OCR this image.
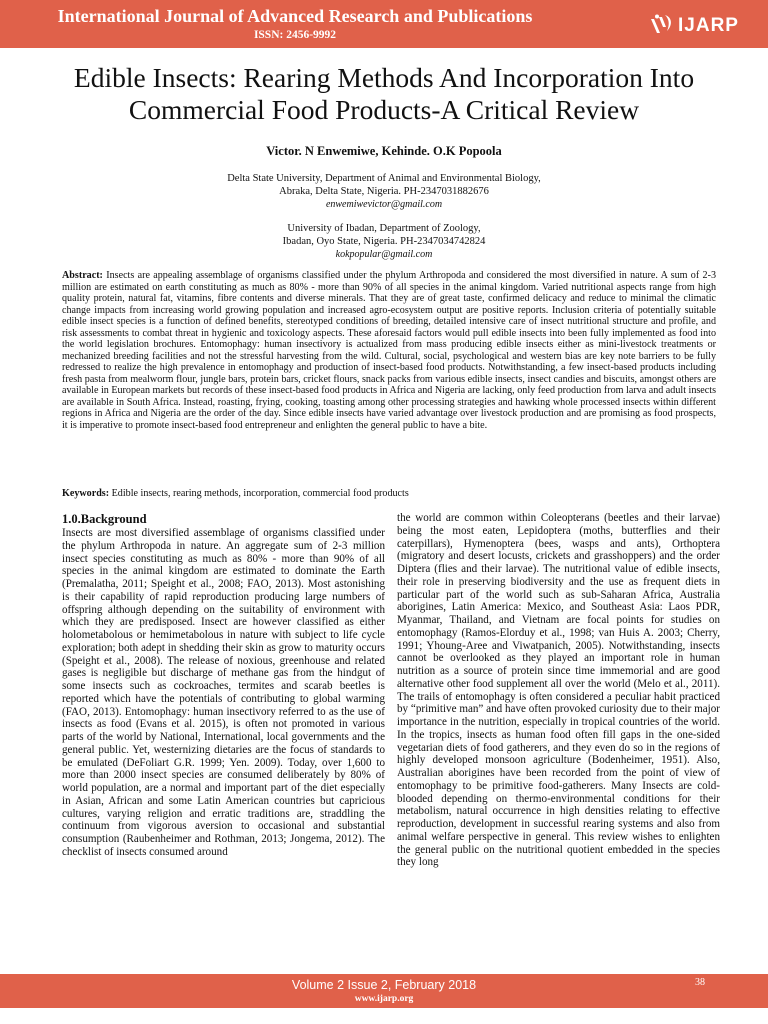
International Journal of Advanced Research and Publications
ISSN: 2456-9992	IJARP
Edible Insects: Rearing Methods And Incorporation Into Commercial Food Products-A Critical Review
Victor. N Enwemiwe, Kehinde. O.K Popoola
Delta State University, Department of Animal and Environmental Biology,
Abraka, Delta State, Nigeria. PH-2347031882676
enwemiwevictor@gmail.com
University of Ibadan, Department of Zoology,
Ibadan, Oyo State, Nigeria. PH-2347034742824
kokpopular@gmail.com
Abstract: Insects are appealing assemblage of organisms classified under the phylum Arthropoda and considered the most diversified in nature. A sum of 2-3 million are estimated on earth constituting as much as 80% - more than 90% of all species in the animal kingdom. Varied nutritional aspects range from high quality protein, natural fat, vitamins, fibre contents and diverse minerals. That they are of great taste, confirmed delicacy and reduce to minimal the climatic change impacts from increasing world growing population and increased agro-ecosystem output are positive reports. Inclusion criteria of potentially suitable edible insect species is a function of defined benefits, stereotyped conditions of breeding, detailed intensive care of insect nutritional structure and profile, and risk assessments to combat threat in hygienic and toxicology aspects. These aforesaid factors would pull edible insects into been fully implemented as food into the world legislation brochures. Entomophagy: human insectivory is actualized from mass producing edible insects either as mini-livestock treatments or mechanized breeding facilities and not the stressful harvesting from the wild. Cultural, social, psychological and western bias are key note barriers to be fully redressed to realize the high prevalence in entomophagy and production of insect-based food products. Notwithstanding, a few insect-based products including fresh pasta from mealworm flour, jungle bars, protein bars, cricket flours, snack packs from various edible insects, insect candies and biscuits, amongst others are available in European markets but records of these insect-based food products in Africa and Nigeria are lacking, only feed production from larva and adult insects are available in South Africa. Instead, roasting, frying, cooking, toasting among other processing strategies and hawking whole processed insects within different regions in Africa and Nigeria are the order of the day. Since edible insects have varied advantage over livestock production and are promising as food prospects, it is imperative to promote insect-based food entrepreneur and enlighten the general public to have a bite.
Keywords: Edible insects, rearing methods, incorporation, commercial food products
1.0.Background

Insects are most diversified assemblage of organisms classified under the phylum Arthropoda in nature. An aggregate sum of 2-3 million insect species constituting as much as 80% - more than 90% of all species in the animal kingdom are estimated to dominate the Earth (Premalatha, 2011; Speight et al., 2008; FAO, 2013). Most astonishing is their capability of rapid reproduction producing large numbers of offspring although depending on the suitability of environment with which they are predisposed. Insect are however classified as either holometabolous or hemimetabolous in nature with subject to life cycle exploration; both adept in shedding their skin as grow to maturity occurs (Speight et al., 2008). The release of noxious, greenhouse and related gases is negligible but discharge of methane gas from the hindgut of some insects such as cockroaches, termites and scarab beetles is reported which have the potentials of contributing to global warming (FAO, 2013). Entomophagy: human insectivory referred to as the use of insects as food (Evans et al. 2015), is often not promoted in various parts of the world by National, International, local governments and the general public. Yet, westernizing dietaries are the focus of standards to be emulated (DeFoliart G.R. 1999; Yen. 2009). Today, over 1,600 to more than 2000 insect species are consumed deliberately by 80% of world population, are a normal and important part of the diet especially in Asian, African and some Latin American countries but capricious cultures, varying religion and erratic traditions are, straddling the continuum from vigorous aversion to occasional and substantial consumption (Raubenheimer and Rothman, 2013; Jongema, 2012). The checklist of insects consumed around

the world are common within Coleopterans (beetles and their larvae) being the most eaten, Lepidoptera (moths, butterflies and their caterpillars), Hymenoptera (bees, wasps and ants), Orthoptera (migratory and desert locusts, crickets and grasshoppers) and the order Diptera (flies and their larvae). The nutritional value of edible insects, their role in preserving biodiversity and the use as frequent diets in particular part of the world such as sub-Saharan Africa, Australia aborigines, Latin America: Mexico, and Southeast Asia: Laos PDR, Myanmar, Thailand, and Vietnam are focal points for studies on entomophagy (Ramos-Elorduy et al., 1998; van Huis A. 2003; Cherry, 1991; Yhoung-Aree and Viwatpanich, 2005). Notwithstanding, insects cannot be overlooked as they played an important role in human nutrition as a source of protein since time immemorial and are good alternative other food supplement all over the world (Melo et al., 2011). The trails of entomophagy is often considered a peculiar habit practiced by “primitive man” and have often provoked curiosity due to their major importance in the nutrition, especially in tropical countries of the world. In the tropics, insects as human food often fill gaps in the one-sided vegetarian diets of food gatherers, and they even do so in the regions of highly developed monsoon agriculture (Bodenheimer, 1951). Also, Australian aborigines have been recorded from the point of view of entomophagy to be primitive food-gatherers. Many Insects are cold-blooded depending on thermo-environmental conditions for their metabolism, natural occurrence in high densities relating to effective reproduction, development in successful rearing systems and also from animal welfare perspective in general. This review wishes to enlighten the general public on the nutritional quotient embedded in the species they long

Volume 2 Issue 2, February 2018
www.ijarp.org
38
